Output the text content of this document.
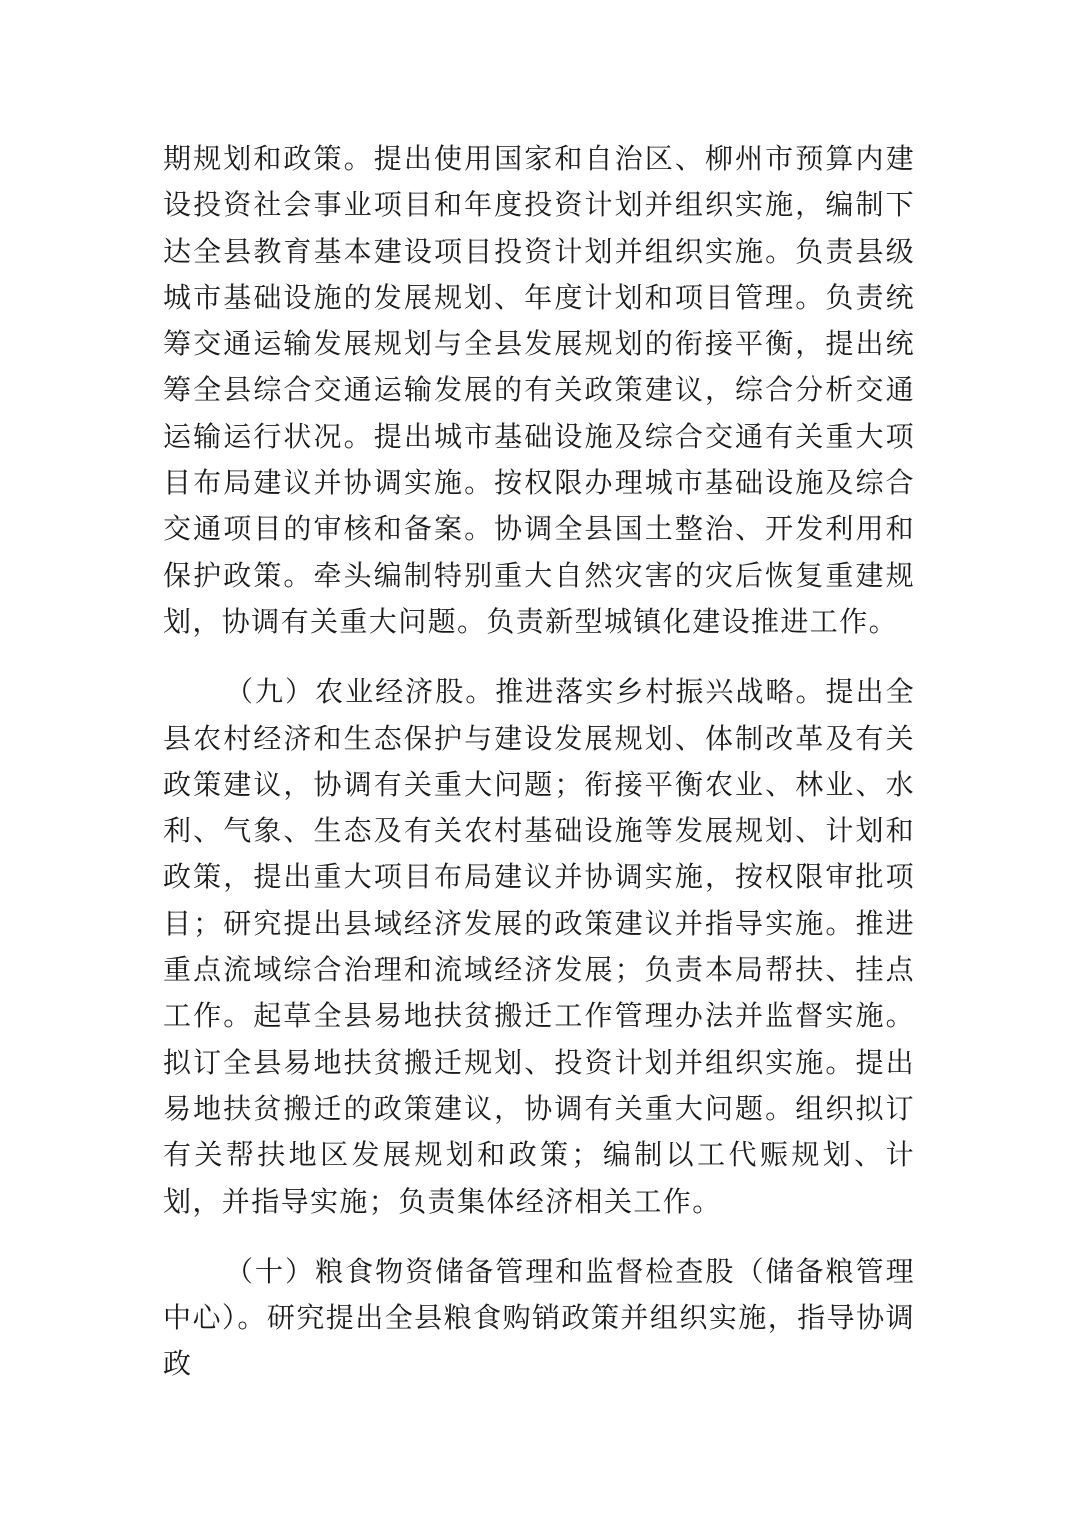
期规划和政策。提出使用国家和自治区、柳州市预算内建设投资社会事业项目和年度投资计划并组织实施，编制下达全县教育基本建设项目投资计划并组织实施。负责县级城市基础设施的发展规划、年度计划和项目管理。负责统筹交通运输发展规划与全县发展规划的衔接平衡，提出统筹全县综合交通运输发展的有关政策建议，综合分析交通运输运行状况。提出城市基础设施及综合交通有关重大项目布局建议并协调实施。按权限办理城市基础设施及综合交通项目的审核和备案。协调全县国土整治、开发利用和保护政策。牵头编制特别重大自然灾害的灾后恢复重建规划，协调有关重大问题。负责新型城镇化建设推进工作。

（九）农业经济股。推进落实乡村振兴战略。提出全县农村经济和生态保护与建设发展规划、体制改革及有关政策建议，协调有关重大问题；衔接平衡农业、林业、水利、气象、生态及有关农村基础设施等发展规划、计划和政策，提出重大项目布局建议并协调实施，按权限审批项目；研究提出县域经济发展的政策建议并指导实施。推进重点流域综合治理和流域经济发展；负责本局帮扶、挂点工作。起草全县易地扶贫搬迁工作管理办法并监督实施。拟订全县易地扶贫搬迁规划、投资计划并组织实施。提出易地扶贫搬迁的政策建议，协调有关重大问题。组织拟订有关帮扶地区发展规划和政策；编制以工代赈规划、计划，并指导实施；负责集体经济相关工作。

（十）粮食物资储备管理和监督检查股（储备粮管理中心）。研究提出全县粮食购销政策并组织实施，指导协调政
